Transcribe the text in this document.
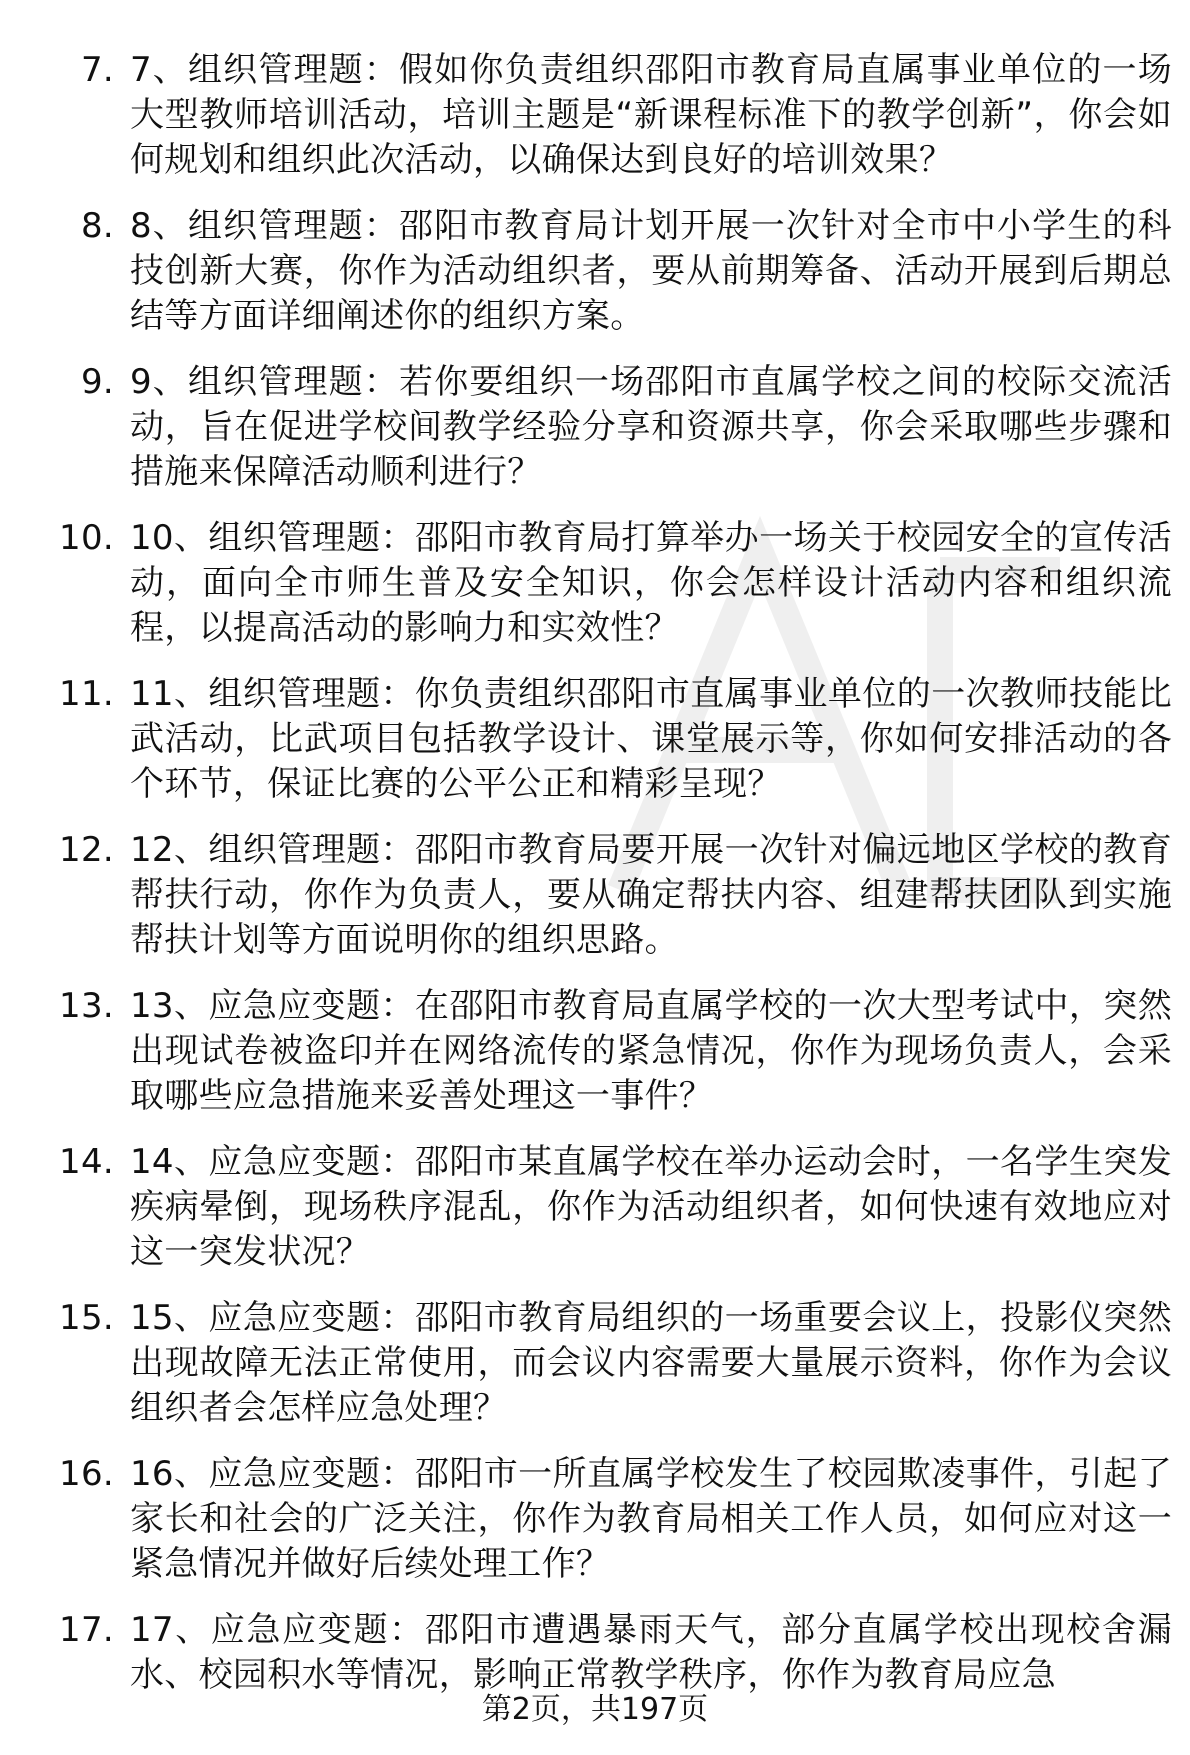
7. 7、组织管理题：假如你负责组织邵阳市教育局直属事业单位的一场大型教师培训活动，培训主题是“新课程标准下的教学创新”，你会如何规划和组织此次活动，以确保达到良好的培训效果？
8. 8、组织管理题：邵阳市教育局计划开展一次针对全市中小学生的科技创新大赛，你作为活动组织者，要从前期筹备、活动开展到后期总结等方面详细阐述你的组织方案。
9. 9、组织管理题：若你要组织一场邵阳市直属学校之间的校际交流活动，旨在促进学校间教学经验分享和资源共享，你会采取哪些步骤和措施来保障活动顺利进行？
10. 10、组织管理题：邵阳市教育局打算举办一场关于校园安全的宣传活动，面向全市师生普及安全知识，你会怎样设计活动内容和组织流程，以提高活动的影响力和实效性？
11. 11、组织管理题：你负责组织邵阳市直属事业单位的一次教师技能比武活动，比武项目包括教学设计、课堂展示等，你如何安排活动的各个环节，保证比赛的公平公正和精彩呈现？
12. 12、组织管理题：邵阳市教育局要开展一次针对偏远地区学校的教育帮扶行动，你作为负责人，要从确定帮扶内容、组建帮扶团队到实施帮扶计划等方面说明你的组织思路。
13. 13、应急应变题：在邵阳市教育局直属学校的一次大型考试中，突然出现试卷被盗印并在网络流传的紧急情况，你作为现场负责人，会采取哪些应急措施来妥善处理这一事件？
14. 14、应急应变题：邵阳市某直属学校在举办运动会时，一名学生突发疾病晕倒，现场秩序混乱，你作为活动组织者，如何快速有效地应对这一突发状况？
15. 15、应急应变题：邵阳市教育局组织的一场重要会议上，投影仪突然出现故障无法正常使用，而会议内容需要大量展示资料，你作为会议组织者会怎样应急处理？
16. 16、应急应变题：邵阳市一所直属学校发生了校园欺凌事件，引起了家长和社会的广泛关注，你作为教育局相关工作人员，如何应对这一紧急情况并做好后续处理工作？
17. 17、应急应变题：邵阳市遭遇暴雨天气，部分直属学校出现校舍漏水、校园积水等情况，影响正常教学秩序，你作为教育局应急
第2页，共197页
